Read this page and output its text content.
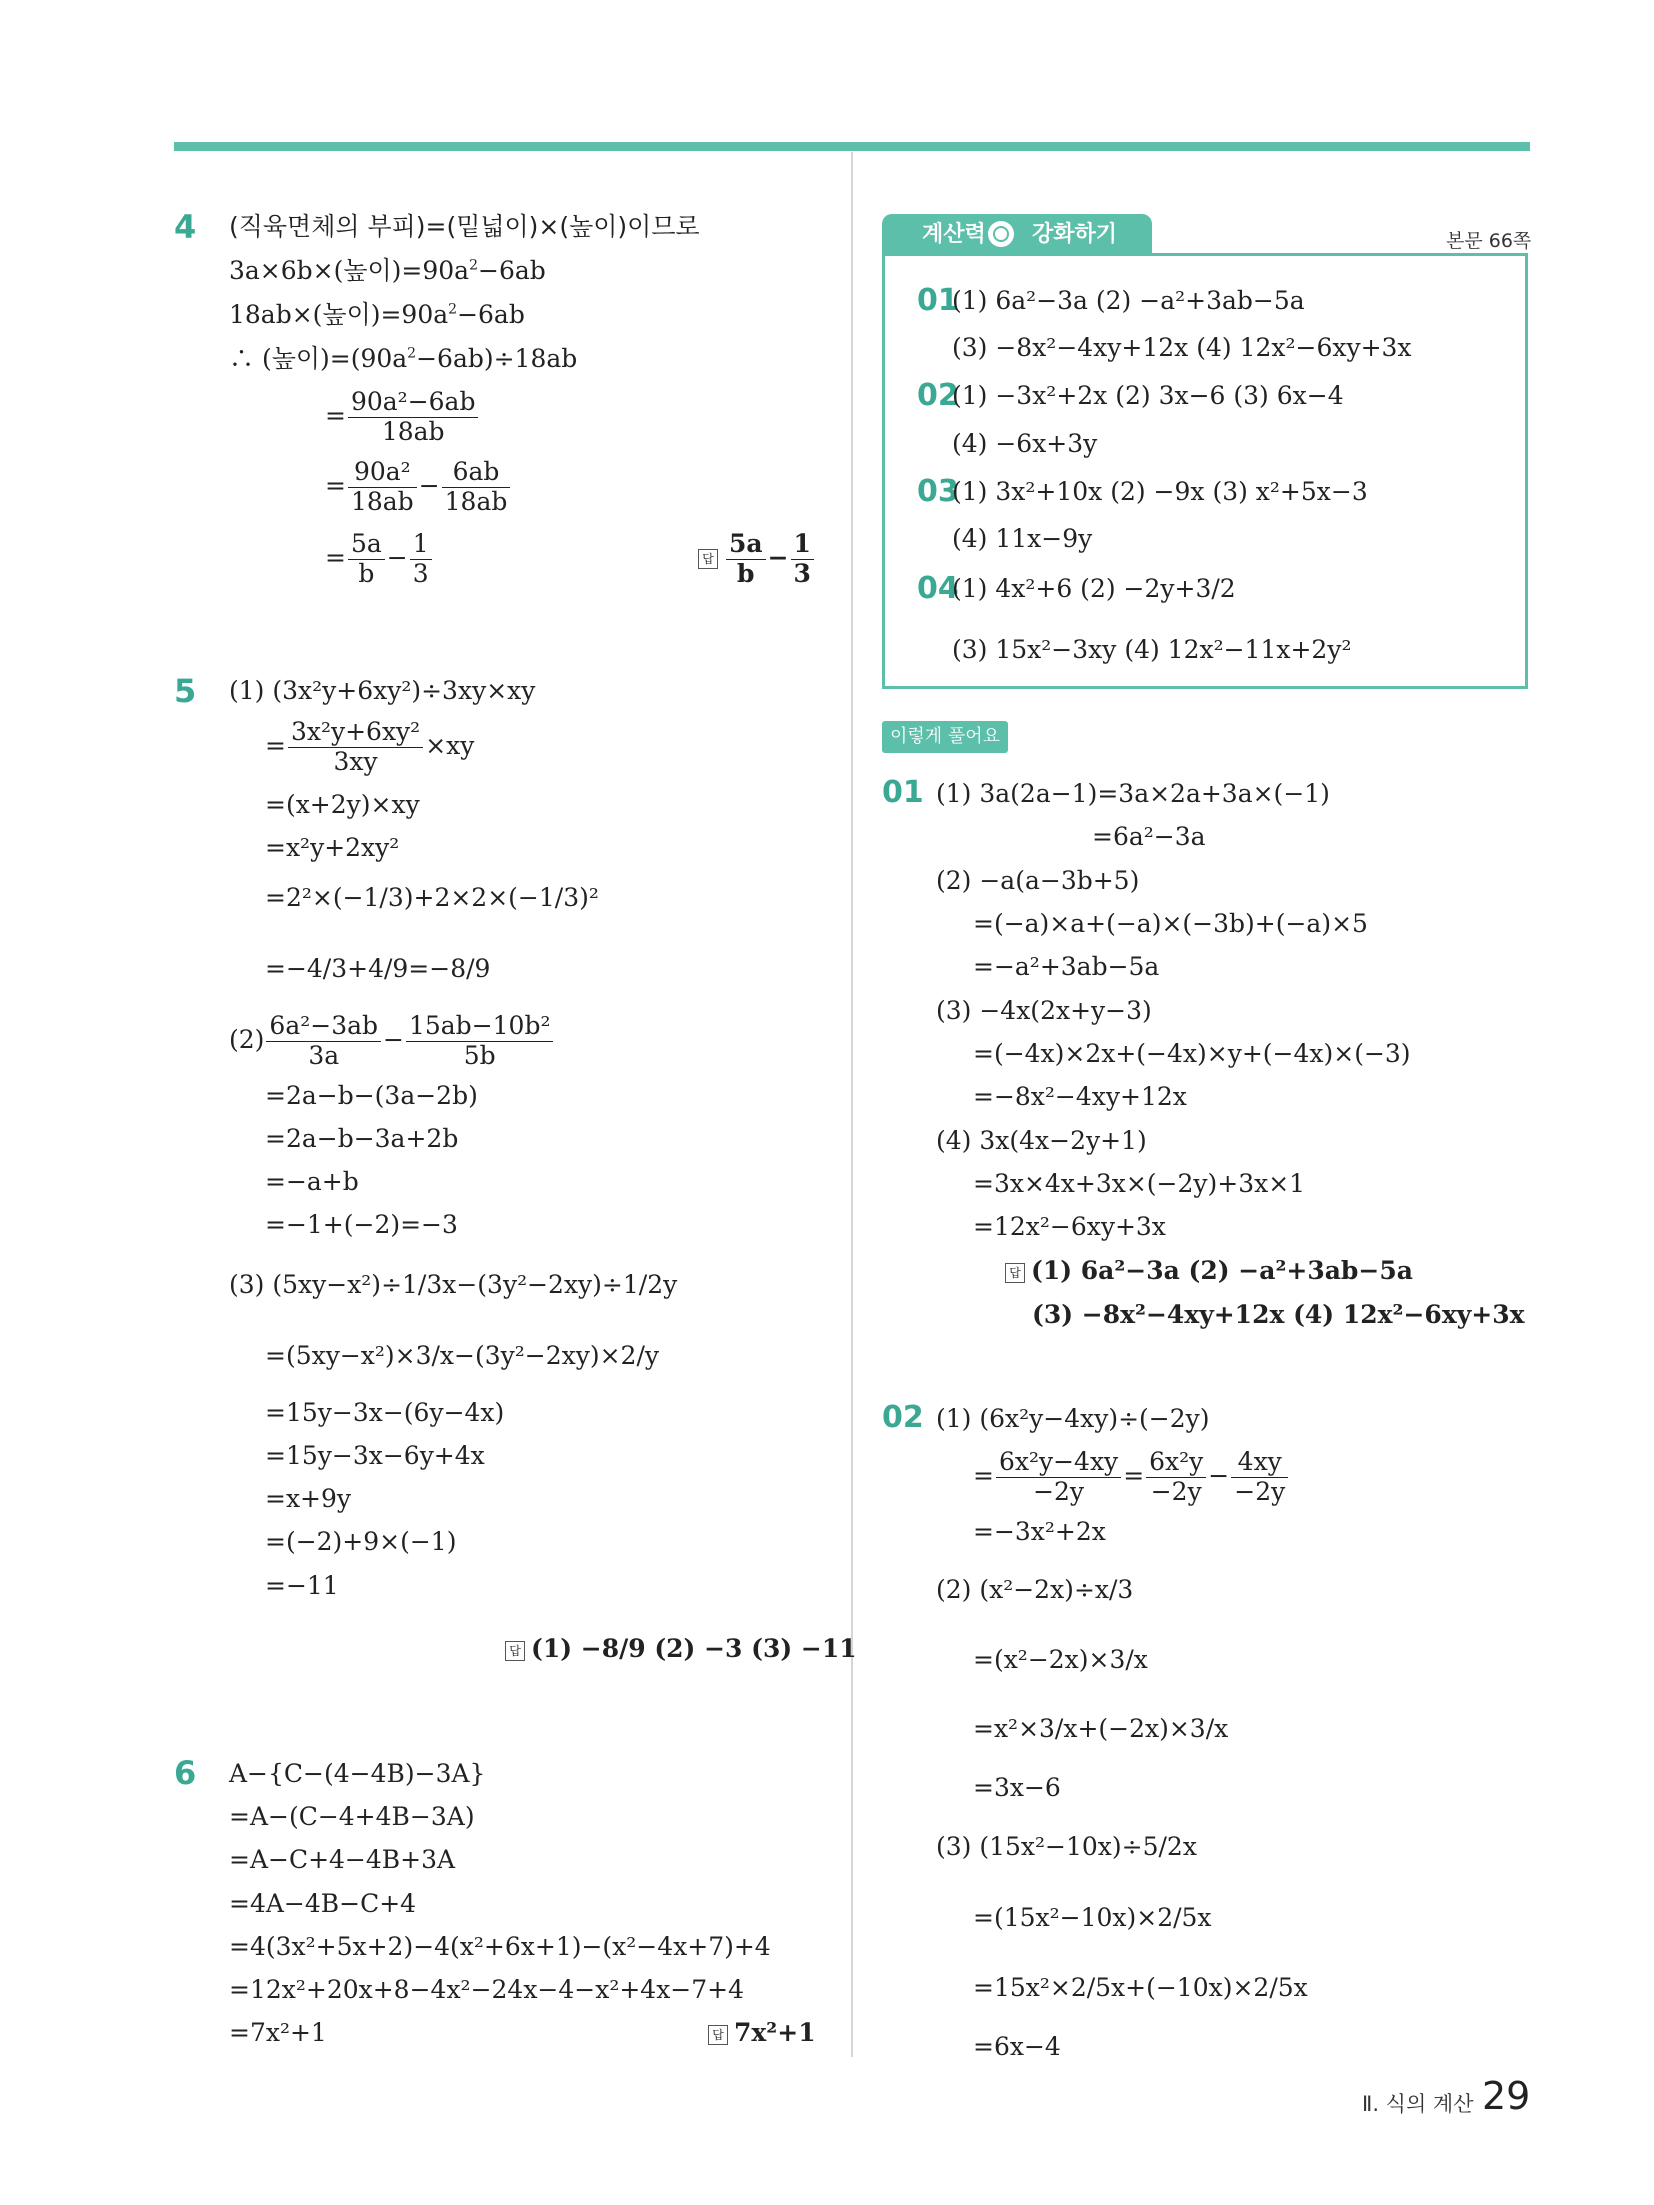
4 (직육면체의 부피)=(밑넓이)×(높이)이므로
3a×6b×(높이)$=90a^2-6ab$
18ab×(높이)$=90a^2-6ab$
∴ (높이)$=(90a^2-6ab)\div 18ab$
= $\frac{\text{90a²−6ab}}{18ab}$
= $\frac{\text{90a²}}{18ab} - \frac{6ab}{18ab}$
= $\frac{5a}{b} - \frac{1}{3}$	답 $\frac{5a}{b} - \frac{1}{3}$
5 (1) (3x²y+6xy²)÷3xy×xy
= $\frac{\text{3x²y+6xy²}}{3xy} \times xy$
=(x+2y)×xy
=x²y+2xy²
=2²×(−1/3)+2×2×(−1/3)²
=−4/3+4/9=−8/9
$(2) \frac{\text{6a²−3ab}}{3a} - \frac{\text{15ab−10b²}}{5b}$
=2a−b−(3a−2b)
=2a−b−3a+2b
=−a+b
=−1+(−2)=−3
(3) (5xy−x²)÷1/3x−(3y²−2xy)÷1/2y
=(5xy−x²)×3/x−(3y²−2xy)×2/y
=15y−3x−(6y−4x)
=15y−3x−6y+4x
=x+9y
=(−2)+9×(−1)
=−11
답 (1) −8/9 (2) −3 (3) −11
6 A−{C−(4−4B)−3A}
=A−(C−4+4B−3A)
=A−C+4−4B+3A
=4A−4B−C+4
=4(3x²+5x+2)−4(x²+6x+1)−(x²−4x+7)+4
=12x²+20x+8−4x²−24x−4−x²+4x−7+4
=7x²+1	답 7x²+1
계산력 강화하기	본문 66쪽
01
(1) 6a²−3a (2) −a²+3ab−5a
(3) −8x²−4xy+12x (4) 12x²−6xy+3x
02
(1) −3x²+2x (2) 3x−6 (3) 6x−4
(4) −6x+3y
03
(1) 3x²+10x (2) −9x (3) x²+5x−3
(4) 11x−9y
04
(1) 4x²+6 (2) −2y+3/2
(3) 15x²−3xy (4) 12x²−11x+2y²
이렇게 풀어요
01 (1) 3a(2a−1)=3a×2a+3a×(−1)
=6a²−3a
(2) −a(a−3b+5)
=(−a)×a+(−a)×(−3b)+(−a)×5
=−a²+3ab−5a
(3) −4x(2x+y−3)
=(−4x)×2x+(−4x)×y+(−4x)×(−3)
=−8x²−4xy+12x
(4) 3x(4x−2y+1)
=3x×4x+3x×(−2y)+3x×1
=12x²−6xy+3x
답 (1) 6a²−3a (2) −a²+3ab−5a
(3) −8x²−4xy+12x (4) 12x²−6xy+3x
02 (1) (6x²y−4xy)÷(−2y)
= $\frac{\text{6x²y−4xy}}{-2y} = \frac{\text{6x²y}}{-2y} - \frac{4xy}{-2y}$
=−3x²+2x
(2) (x²−2x)÷x/3
=(x²−2x)×3/x
=x²×3/x+(−2x)×3/x
=3x−6
(3) (15x²−10x)÷5/2x
=(15x²−10x)×2/5x
=15x²×2/5x+(−10x)×2/5x
=6x−4
Ⅱ. 식의 계산 29
